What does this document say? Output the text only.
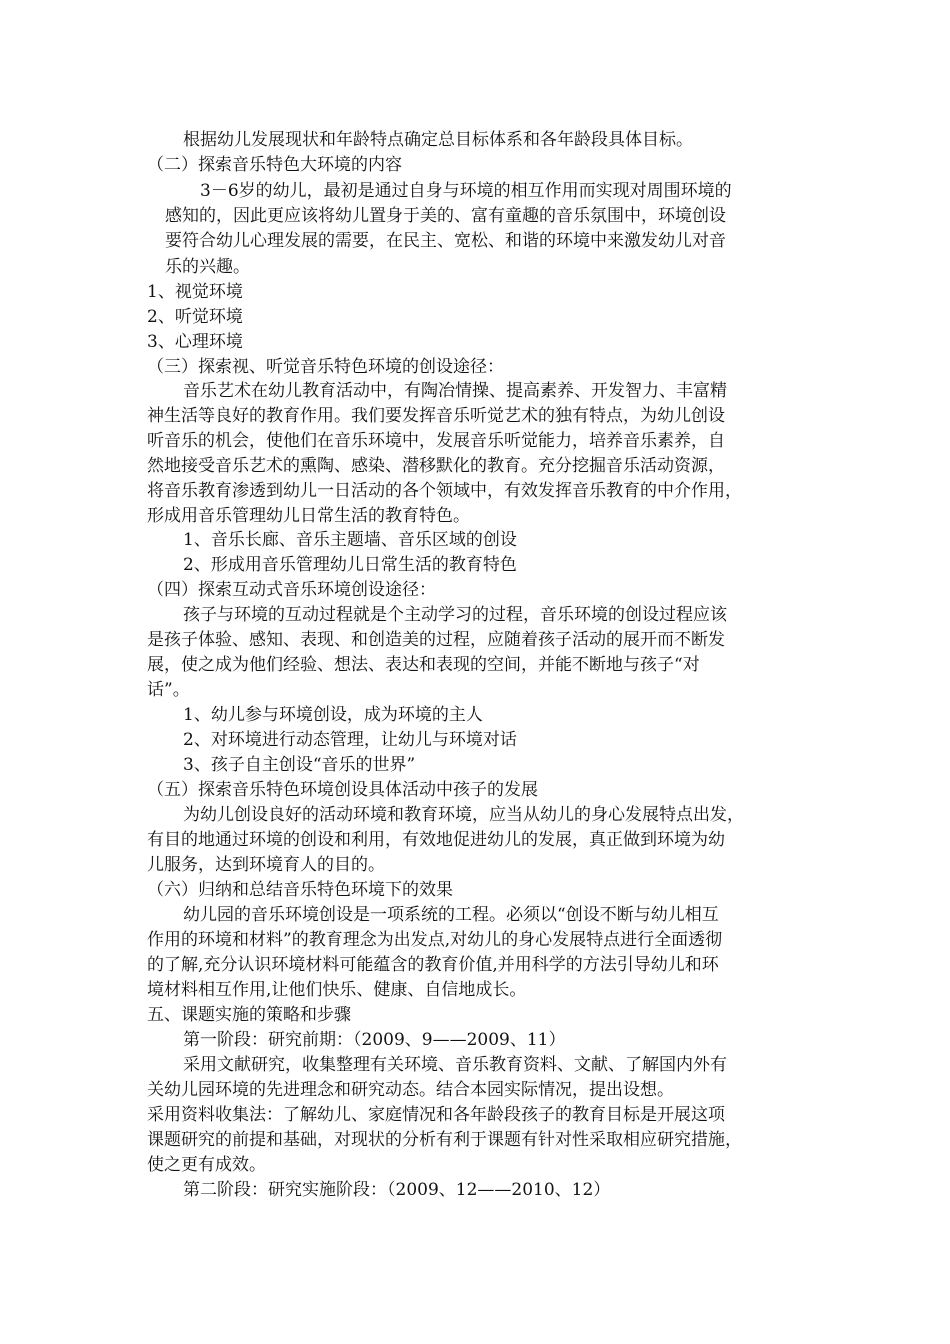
根据幼儿发展现状和年龄特点确定总目标体系和各年龄段具体目标。
（二）探索音乐特色大环境的内容
3－6岁的幼儿，最初是通过自身与环境的相互作用而实现对周围环境的
感知的，因此更应该将幼儿置身于美的、富有童趣的音乐氛围中，环境创设
要符合幼儿心理发展的需要，在民主、宽松、和谐的环境中来激发幼儿对音
乐的兴趣。
1、视觉环境
2、听觉环境
3、心理环境
（三）探索视、听觉音乐特色环境的创设途径：
音乐艺术在幼儿教育活动中，有陶冶情操、提高素养、开发智力、丰富精
神生活等良好的教育作用。我们要发挥音乐听觉艺术的独有特点，为幼儿创设
听音乐的机会，使他们在音乐环境中，发展音乐听觉能力，培养音乐素养，自
然地接受音乐艺术的熏陶、感染、潜移默化的教育。充分挖掘音乐活动资源，
将音乐教育渗透到幼儿一日活动的各个领域中，有效发挥音乐教育的中介作用，
形成用音乐管理幼儿日常生活的教育特色。
1、音乐长廊、音乐主题墙、音乐区域的创设
2、形成用音乐管理幼儿日常生活的教育特色
（四）探索互动式音乐环境创设途径：
孩子与环境的互动过程就是个主动学习的过程，音乐环境的创设过程应该
是孩子体验、感知、表现、和创造美的过程，应随着孩子活动的展开而不断发
展，使之成为他们经验、想法、表达和表现的空间，并能不断地与孩子“对
话”。
1、幼儿参与环境创设，成为环境的主人
2、对环境进行动态管理，让幼儿与环境对话
3、孩子自主创设“音乐的世界”
（五）探索音乐特色环境创设具体活动中孩子的发展
为幼儿创设良好的活动环境和教育环境，应当从幼儿的身心发展特点出发，
有目的地通过环境的创设和利用，有效地促进幼儿的发展，真正做到环境为幼
儿服务，达到环境育人的目的。
（六）归纳和总结音乐特色环境下的效果
幼儿园的音乐环境创设是一项系统的工程。必须以“创设不断与幼儿相互
作用的环境和材料”的教育理念为出发点,对幼儿的身心发展特点进行全面透彻
的了解,充分认识环境材料可能蕴含的教育价值,并用科学的方法引导幼儿和环
境材料相互作用,让他们快乐、健康、自信地成长。
五、课题实施的策略和步骤
第一阶段：研究前期：（2009、9——2009、11）
采用文献研究，收集整理有关环境、音乐教育资料、文献、了解国内外有
关幼儿园环境的先进理念和研究动态。结合本园实际情况，提出设想。
采用资料收集法：了解幼儿、家庭情况和各年龄段孩子的教育目标是开展这项
课题研究的前提和基础，对现状的分析有利于课题有针对性采取相应研究措施，
使之更有成效。
第二阶段：研究实施阶段：（2009、12——2010、12）
